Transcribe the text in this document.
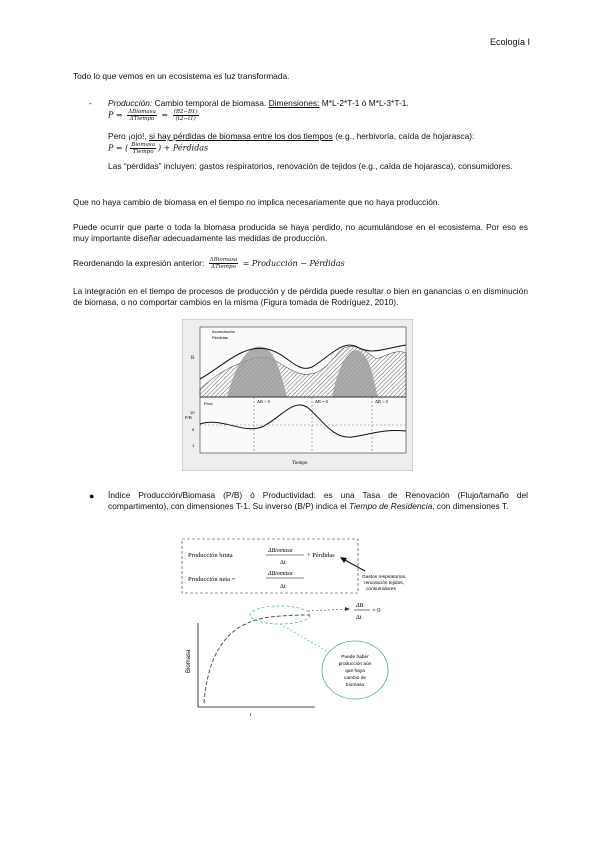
Ecología I
Todo lo que vemos en un ecosistema es luz transformada.
- Producción: Cambio temporal de biomasa. Dimensiones: M*L-2*T-1 ó M*L-3*T-1.
$P = \frac{\text{ΔBiomasa}}{\text{ΔTiempo}} = \frac{(B2-B1)}{(t2-t1)}$
Pero ¡ojo!, si hay pérdidas de biomasa entre los dos tiempos (e.g., herbivoría, caída de hojarasca):
P = ( $\frac{\text{Biomasa}}{\text{Tiempo}}$ ) + Pérdidas
Las “pérdidas” incluyen: gastos respiratorios, renovación de tejidos (e.g., caída de hojarasca), consumidores.
Que no haya cambio de biomasa en el tiempo no implica necesariamente que no haya producción.
Puede ocurrir que parte o toda la biomasa producida se haya perdido, no acumulándose en el ecosistema. Por eso es muy importante diseñar adecuadamente las medidas de producción.
Reordenando la expresión anterior: $\frac{\text{ΔBiomasa}}{\text{ΔTiempo}}$ = Producción − Pérdidas
La integración en el tiempo de procesos de producción y de pérdida puede resultar o bien en ganancias o en disminución de biomasa, o no comportar cambios en la misma (Figura tomada de Rodríguez, 2010).
Acumulación
Pérdidas
B
P/B
Prod.	ΔB > 0	ΔB = 0	ΔB < 0
10
5
1
Tiempo
● Índice Producción/Biomasa (P/B) ó Productividad: es una Tasa de Renovación (Flujo/tamaño del compartimento), con dimensiones T-1. Su inverso (B/P) indica el Tiempo de Residencia, con dimensiones T.
Producción bruta
ΔBiomasa
Δt
+ Pérdidas
Producción neta =
ΔBiomasa
Δt
Gastos respiratorios,
renovación tejidos,
consumidores
ΔB
Δt
= 0
Biomasa
t
Puede haber
producción aún
que haya
cambio de
biomasa
